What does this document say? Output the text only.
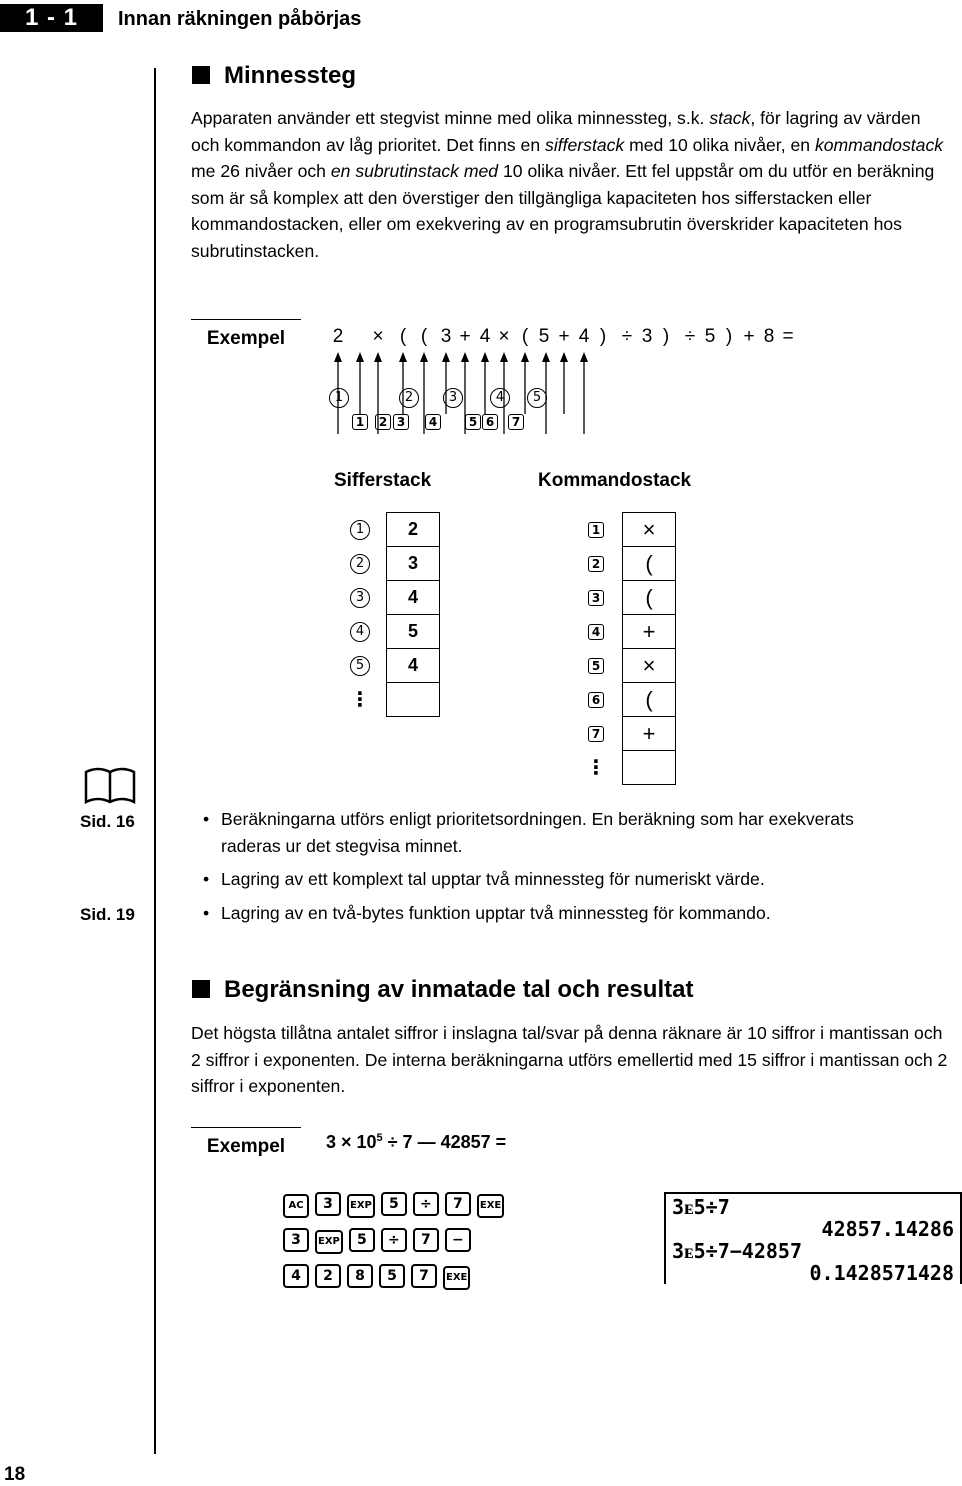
1 - 1	Innan räkningen påbörjas
Minnessteg
Apparaten använder ett stegvist minne med olika minnessteg, s.k. stack, för lagring av värden och kommandon av låg prioritet. Det finns en sifferstack med 10 olika nivåer, en kommandostack me 26 nivåer och en subrutinstack med 10 olika nivåer. Ett fel uppstår om du utför en beräkning som är så komplex att den överstiger den tillgängliga kapaciteten hos sifferstacken eller kommandostacken, eller om exekvering av en programsubrutin överskrider kapaciteten hos subrutinstacken.
Exempel	2 × ( ( 3 + 4 × ( 5 + 4 ) ÷ 3 ) ÷ 5 ) + 8 =
1	2	3	4	5
1	2 3	4	5 6	7
Sifferstack	Kommandostack
1	2
2	3
3	4
4	5
5	4
⋮	
1	×
2	(
3	(
4	+
5	×
6	(
7	+
⋮	
Sid. 16
Sid. 19
• Beräkningarna utförs enligt prioritetsordningen. En beräkning som har exekverats raderas ur det stegvisa minnet.
• Lagring av ett komplext tal upptar två minnessteg för numeriskt värde.
• Lagring av en två-bytes funktion upptar två minnessteg för kommando.
Begränsning av inmatade tal och resultat
Det högsta tillåtna antalet siffror i inslagna tal/svar på denna räknare är 10 siffror i mantissan och 2 siffror i exponenten. De interna beräkningarna utförs emellertid med 15 siffror i mantissan och 2 siffror i exponenten.
Exempel	$3 \times 10^5 \div 7$ — 42857 =
AC 3 EXP 5 ÷ 7 EXE
3 EXP 5 ÷ 7 −
4 2 8 5 7 EXE
3ᴇ5÷7
42857.14286
3ᴇ5÷7−42857
0.1428571428
18
